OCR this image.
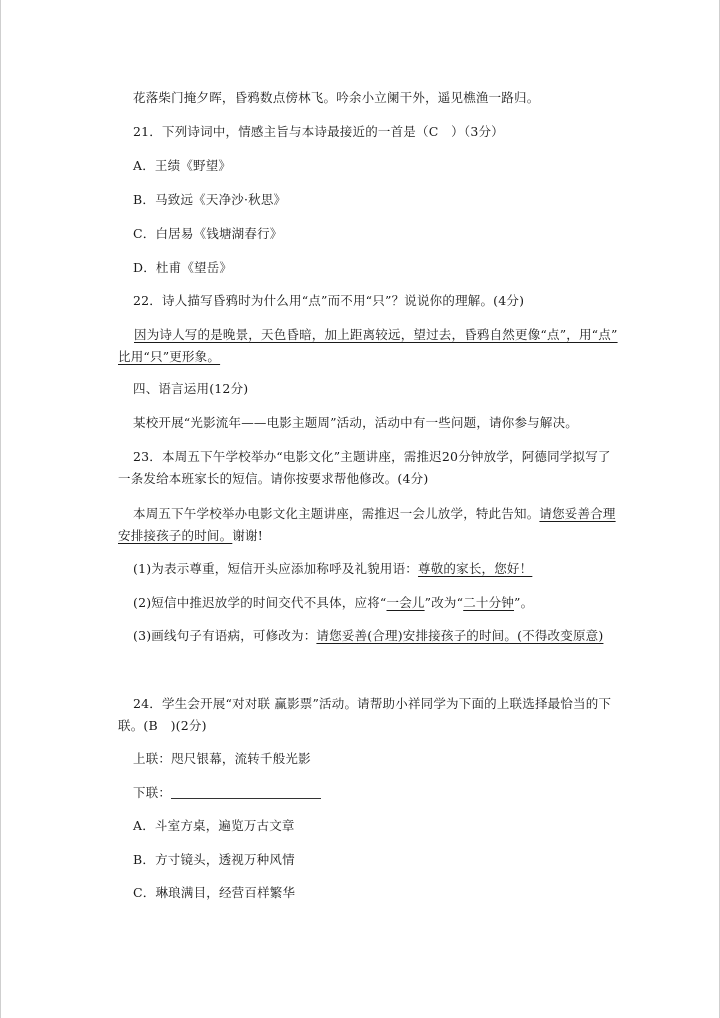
花落柴门掩夕晖，昏鸦数点傍林飞。吟余小立阑干外，遥见樵渔一路归。
21．下列诗词中，情感主旨与本诗最接近的一首是（C　）（3分）
A．王绩《野望》
B．马致远《天净沙·秋思》
C．白居易《钱塘湖春行》
D．杜甫《望岳》
22．诗人描写昏鸦时为什么用“点”而不用“只”？说说你的理解。(4分)
因为诗人写的是晚景，天色昏暗，加上距离较远，望过去，昏鸦自然更像“点”，用“点”
比用“只”更形象。
四、语言运用(12分)
某校开展“光影流年——电影主题周”活动，活动中有一些问题，请你参与解决。
23．本周五下午学校举办“电影文化”主题讲座，需推迟20分钟放学，阿德同学拟写了
一条发给本班家长的短信。请你按要求帮他修改。(4分)
本周五下午学校举办电影文化主题讲座，需推迟一会儿放学，特此告知。请您妥善合理
安排接孩子的时间。谢谢!
(1)为表示尊重，短信开头应添加称呼及礼貌用语：尊敬的家长，您好！
(2)短信中推迟放学的时间交代不具体，应将“一会儿”改为“二十分钟”。
(3)画线句子有语病，可修改为：请您妥善(合理)安排接孩子的时间。(不得改变原意)
24．学生会开展“对对联 赢影票”活动。请帮助小祥同学为下面的上联选择最恰当的下
联。(B　)(2分)
上联：咫尺银幕，流转千般光影
下联：
A．斗室方桌，遍览万古文章
B．方寸镜头，透视万种风情
C．琳琅满目，经营百样繁华
